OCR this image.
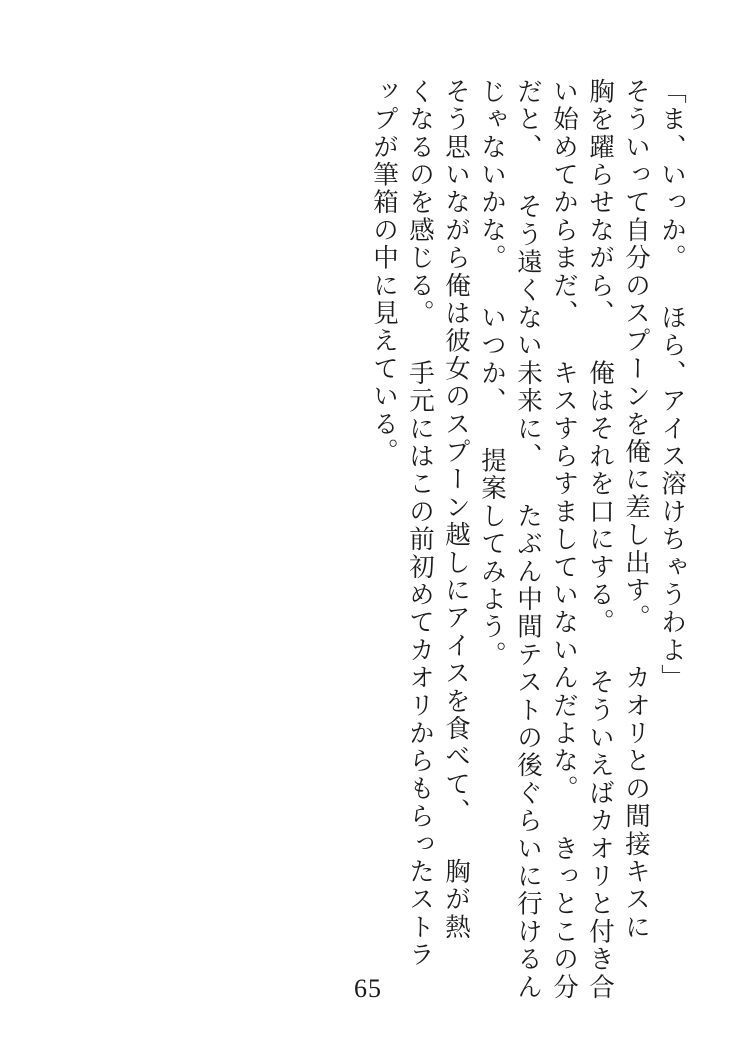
「ま、いっか。 ほら、アイス溶けちゃうわよ」
そういって自分のスプーンを俺に差し出す。 カオリとの間接キスに
胸を躍らせながら、 俺はそれを口にする。 そういえばカオリと付き合
い始めてからまだ、 キスすらすましていないんだよな。 きっとこの分
だと、 そう遠くない未来に、 たぶん中間テストの後ぐらいに行けるん
じゃないかな。 いつか、 提案してみよう。
そう思いながら俺は彼女のスプーン越しにアイスを食べて、 胸が熱
くなるのを感じる。 手元にはこの前初めてカオリからもらったストラ
ップが筆箱の中に見えている。
65
